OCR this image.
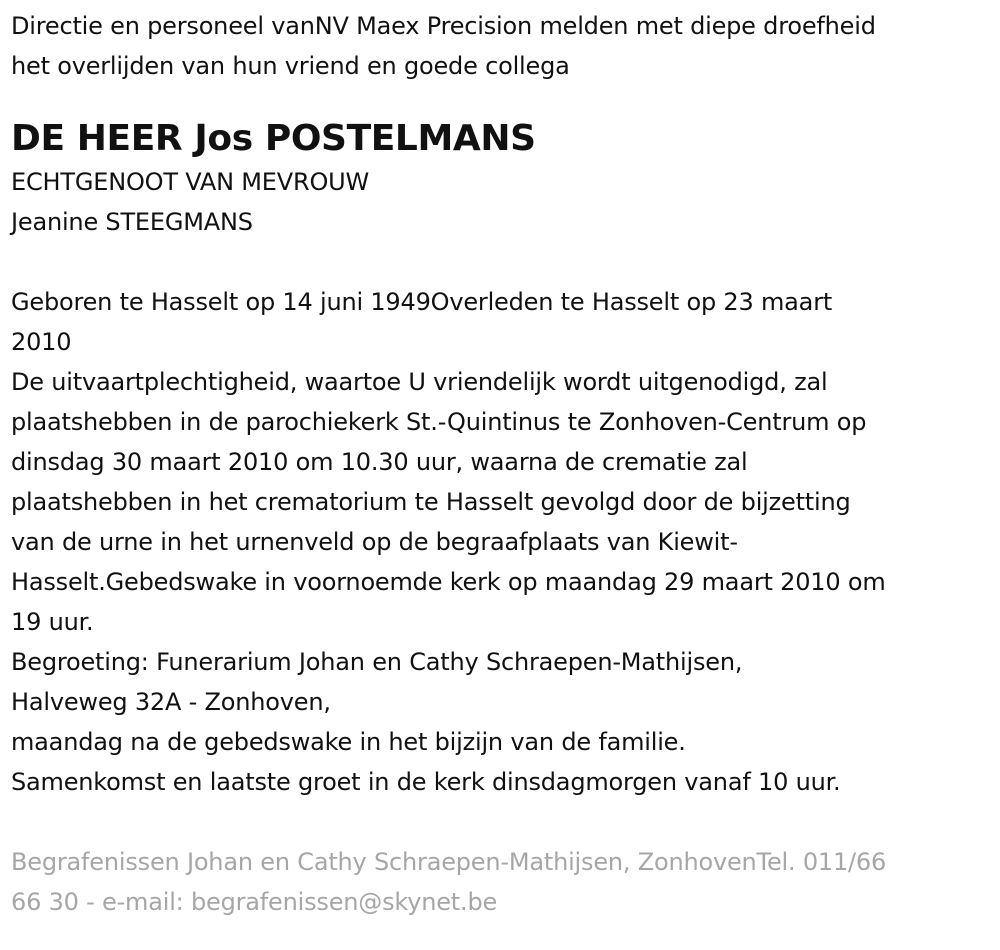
Directie en personeel vanNV Maex Precision melden met diepe droefheid
het overlijden van hun vriend en goede collega
DE HEER Jos POSTELMANS
ECHTGENOOT VAN MEVROUW
Jeanine STEEGMANS
Geboren te Hasselt op 14 juni 1949Overleden te Hasselt op 23 maart
2010
De uitvaartplechtigheid, waartoe U vriendelijk wordt uitgenodigd, zal
plaatshebben in de parochiekerk St.-Quintinus te Zonhoven-Centrum op
dinsdag 30 maart 2010 om 10.30 uur, waarna de crematie zal
plaatshebben in het crematorium te Hasselt gevolgd door de bijzetting
van de urne in het urnenveld op de begraafplaats van Kiewit-
Hasselt.Gebedswake in voornoemde kerk op maandag 29 maart 2010 om
19 uur.
Begroeting: Funerarium Johan en Cathy Schraepen-Mathijsen,
Halveweg 32A - Zonhoven,
maandag na de gebedswake in het bijzijn van de familie.
Samenkomst en laatste groet in de kerk dinsdagmorgen vanaf 10 uur.
Begrafenissen Johan en Cathy Schraepen-Mathijsen, ZonhovenTel. 011/66
66 30 - e-mail: begrafenissen@skynet.be
